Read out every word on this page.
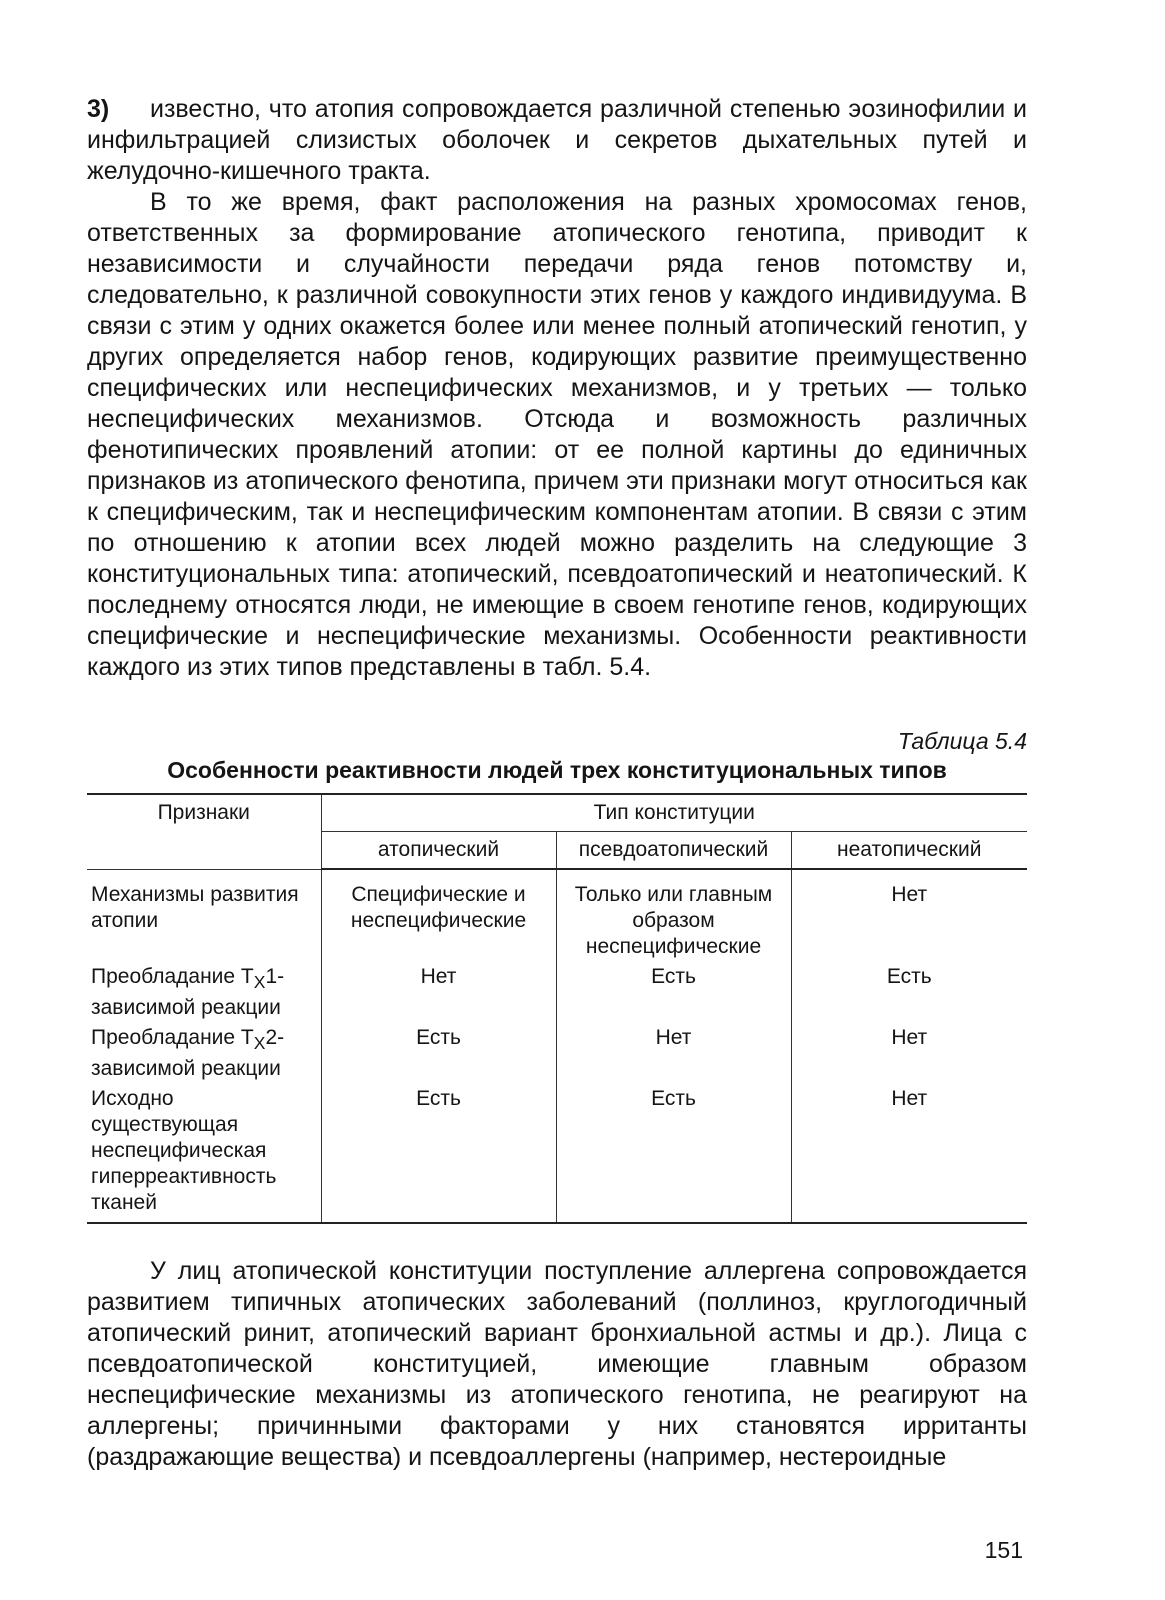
3) известно, что атопия сопровождается различной степенью эозинофилии и инфильтрацией слизистых оболочек и секретов дыхательных путей и желудочно-кишечного тракта.

В то же время, факт расположения на разных хромосомах генов, ответственных за формирование атопического генотипа, приводит к независимости и случайности передачи ряда генов потомству и, следовательно, к различной совокупности этих генов у каждого индивидуума. В связи с этим у одних окажется более или менее полный атопический генотип, у других определяется набор генов, кодирующих развитие преимущественно специфических или неспецифических механизмов, и у третьих — только неспецифических механизмов. Отсюда и возможность различных фенотипических проявлений атопии: от ее полной картины до единичных признаков из атопического фенотипа, причем эти признаки могут относиться как к специфическим, так и неспецифическим компонентам атопии. В связи с этим по отношению к атопии всех людей можно разделить на следующие 3 конституциональных типа: атопический, псевдоатопический и неатопический. К последнему относятся люди, не имеющие в своем генотипе генов, кодирующих специфические и неспецифические механизмы. Особенности реактивности каждого из этих типов представлены в табл. 5.4.

Таблица 5.4
Особенности реактивности людей трех конституциональных типов
Признаки	Тип конституции		
	атопический	псевдоатопический	неатопический
Механизмы развития атопии	Специфические и неспецифические	Только или главным образом неспецифические	Нет
Преобладание $Т_Х1$-зависимой реакции	Нет	Есть	Есть
Преобладание $Т_Х2$-зависимой реакции	Есть	Нет	Нет
Исходно существующая неспецифическая гиперреактивность тканей	Есть	Есть	Нет

У лиц атопической конституции поступление аллергена сопровождается развитием типичных атопических заболеваний (поллиноз, круглогодичный атопический ринит, атопический вариант бронхиальной астмы и др.). Лица с псевдоатопической конституцией, имеющие главным образом неспецифические механизмы из атопического генотипа, не реагируют на аллергены; причинными факторами у них становятся ирританты (раздражающие вещества) и псевдоаллергены (например, нестероидные

151
